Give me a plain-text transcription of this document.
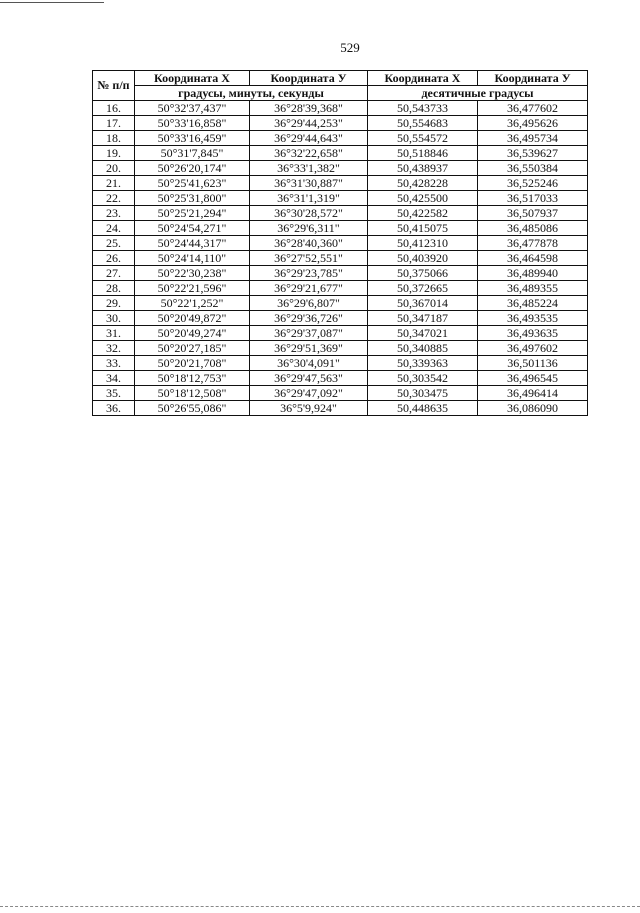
529
№ п/п	Координата Х	Координата У	Координата Х	Координата У
	градусы, минуты, секунды		десятичные градусы	
16.	50°32'37,437"	36°28'39,368"	50,543733	36,477602
17.	50°33'16,858"	36°29'44,253"	50,554683	36,495626
18.	50°33'16,459"	36°29'44,643"	50,554572	36,495734
19.	50°31'7,845"	36°32'22,658"	50,518846	36,539627
20.	50°26'20,174"	36°33'1,382"	50,438937	36,550384
21.	50°25'41,623"	36°31'30,887"	50,428228	36,525246
22.	50°25'31,800"	36°31'1,319"	50,425500	36,517033
23.	50°25'21,294"	36°30'28,572"	50,422582	36,507937
24.	50°24'54,271"	36°29'6,311"	50,415075	36,485086
25.	50°24'44,317"	36°28'40,360"	50,412310	36,477878
26.	50°24'14,110"	36°27'52,551"	50,403920	36,464598
27.	50°22'30,238"	36°29'23,785"	50,375066	36,489940
28.	50°22'21,596"	36°29'21,677"	50,372665	36,489355
29.	50°22'1,252"	36°29'6,807"	50,367014	36,485224
30.	50°20'49,872"	36°29'36,726"	50,347187	36,493535
31.	50°20'49,274"	36°29'37,087"	50,347021	36,493635
32.	50°20'27,185"	36°29'51,369"	50,340885	36,497602
33.	50°20'21,708"	36°30'4,091"	50,339363	36,501136
34.	50°18'12,753"	36°29'47,563"	50,303542	36,496545
35.	50°18'12,508"	36°29'47,092"	50,303475	36,496414
36.	50°26'55,086"	36°5'9,924"	50,448635	36,086090
